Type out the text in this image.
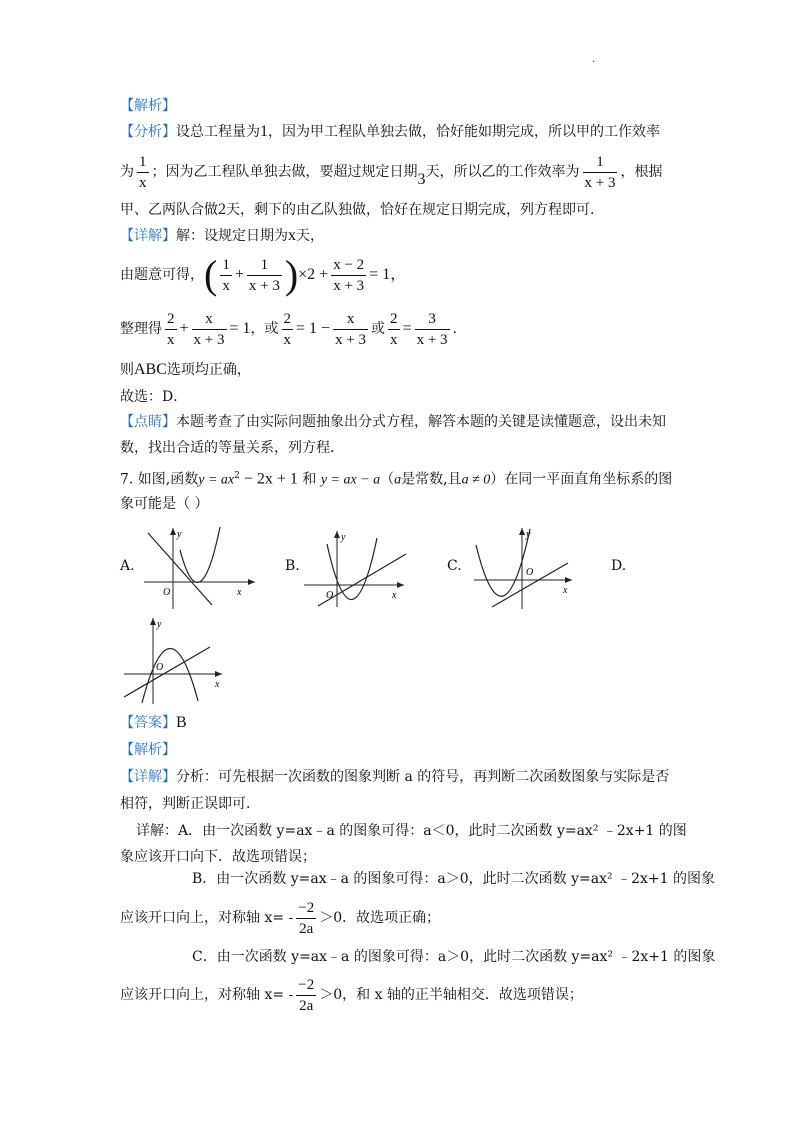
.
【解析】
【分析】设总工程量为1，因为甲工程队单独去做，恰好能如期完成，所以甲的工作效率
为 $\frac{1}{x}$ ；因为乙工程队单独去做，要超过规定日期3天，所以乙的工作效率为 $\frac{1}{x + 3}$ ，根据
甲、乙两队合做2天，剩下的由乙队独做，恰好在规定日期完成，列方程即可．
【详解】解：设规定日期为x天，
由题意可得，( $\frac{1}{x} + \frac{1}{x + 3} )\times 2 + \frac{x - 2}{x + 3} = 1$，
整理得 $\frac{2}{x} + \frac{x}{x + 3} = 1$，或 $\frac{2}{x} = 1 - \frac{x}{x + 3}$ 或 $\frac{2}{x} = \frac{3}{x + 3}$ ．
则ABC选项均正确，
故选：D．
【点睛】本题考查了由实际问题抽象出分式方程，解答本题的关键是读懂题意，设出未知
数，找出合适的等量关系，列方程．
7. 如图,函数$y = ax^2 - 2x + 1$ 和 y = ax − a（a是常数,且a ≠ 0）在同一平面直角坐标系的图
象可能是（ ）
A.	B.	C.	D.
O	x
y
O	x
y
O
x
y
O
x
y
【答案】B
【解析】
【详解】分析：可先根据一次函数的图象判断 a 的符号，再判断二次函数图象与实际是否
相符，判断正误即可．
详解：A．由一次函数 y=ax﹣a 的图象可得：a＜0，此时二次函数 y=ax² ﹣2x+1 的图
象应该开口向下．故选项错误；
B．由一次函数 y=ax﹣a 的图象可得：a＞0，此时二次函数 y=ax² ﹣2x+1 的图象
应该开口向上，对称轴 $x= - \frac{-2}{2a} >0$．故选项正确；
C．由一次函数 y=ax﹣a 的图象可得：a＞0，此时二次函数 y=ax² ﹣2x+1 的图象
应该开口向上，对称轴 $x= - \frac{-2}{2a} >0$，和 x 轴的正半轴相交．故选项错误；
